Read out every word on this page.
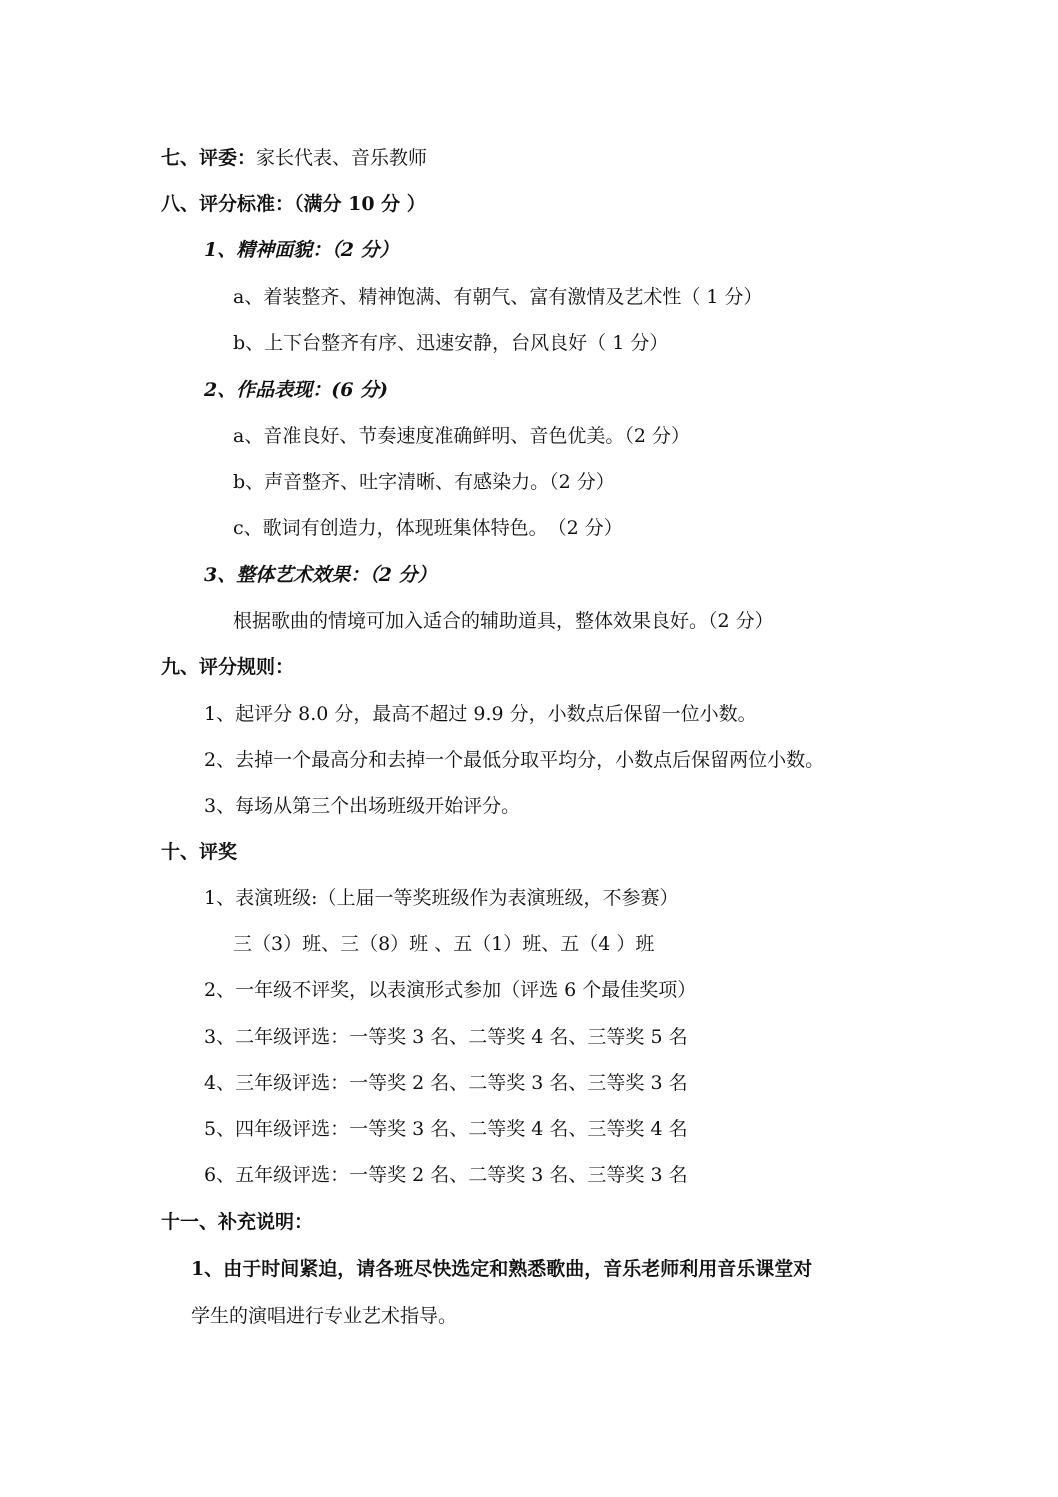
七、评委：家长代表、音乐教师
八、评分标准：（满分 10 分 ）
1、精神面貌：（2 分）
a、着装整齐、精神饱满、有朝气、富有激情及艺术性（ 1 分）
b、上下台整齐有序、迅速安静，台风良好（ 1 分）
2、作品表现：(6 分)
a、音准良好、节奏速度准确鲜明、音色优美。（2 分）
b、声音整齐、吐字清晰、有感染力。（2 分）
c、歌词有创造力，体现班集体特色。　（2 分）
3、整体艺术效果：（2 分）
根据歌曲的情境可加入适合的辅助道具，整体效果良好。（2 分）
九、评分规则：
1、起评分 8.0 分，最高不超过 9.9 分，小数点后保留一位小数。
2、去掉一个最高分和去掉一个最低分取平均分，小数点后保留两位小数。
3、每场从第三个出场班级开始评分。
十、评奖
1、表演班级:（上届一等奖班级作为表演班级，不参赛）
三（3）班、三（8）班 、五（1）班、五（4 ）班
2、一年级不评奖，以表演形式参加（评选 6 个最佳奖项）
3、二年级评选：一等奖 3 名、二等奖 4 名、三等奖 5 名
4、三年级评选：一等奖 2 名、二等奖 3 名、三等奖 3 名
5、四年级评选：一等奖 3 名、二等奖 4 名、三等奖 4 名
6、五年级评选：一等奖 2 名、二等奖 3 名、三等奖 3 名
十一、补充说明：
1、由于时间紧迫，请各班尽快选定和熟悉歌曲，音乐老师利用音乐课堂对
学生的演唱进行专业艺术指导。
